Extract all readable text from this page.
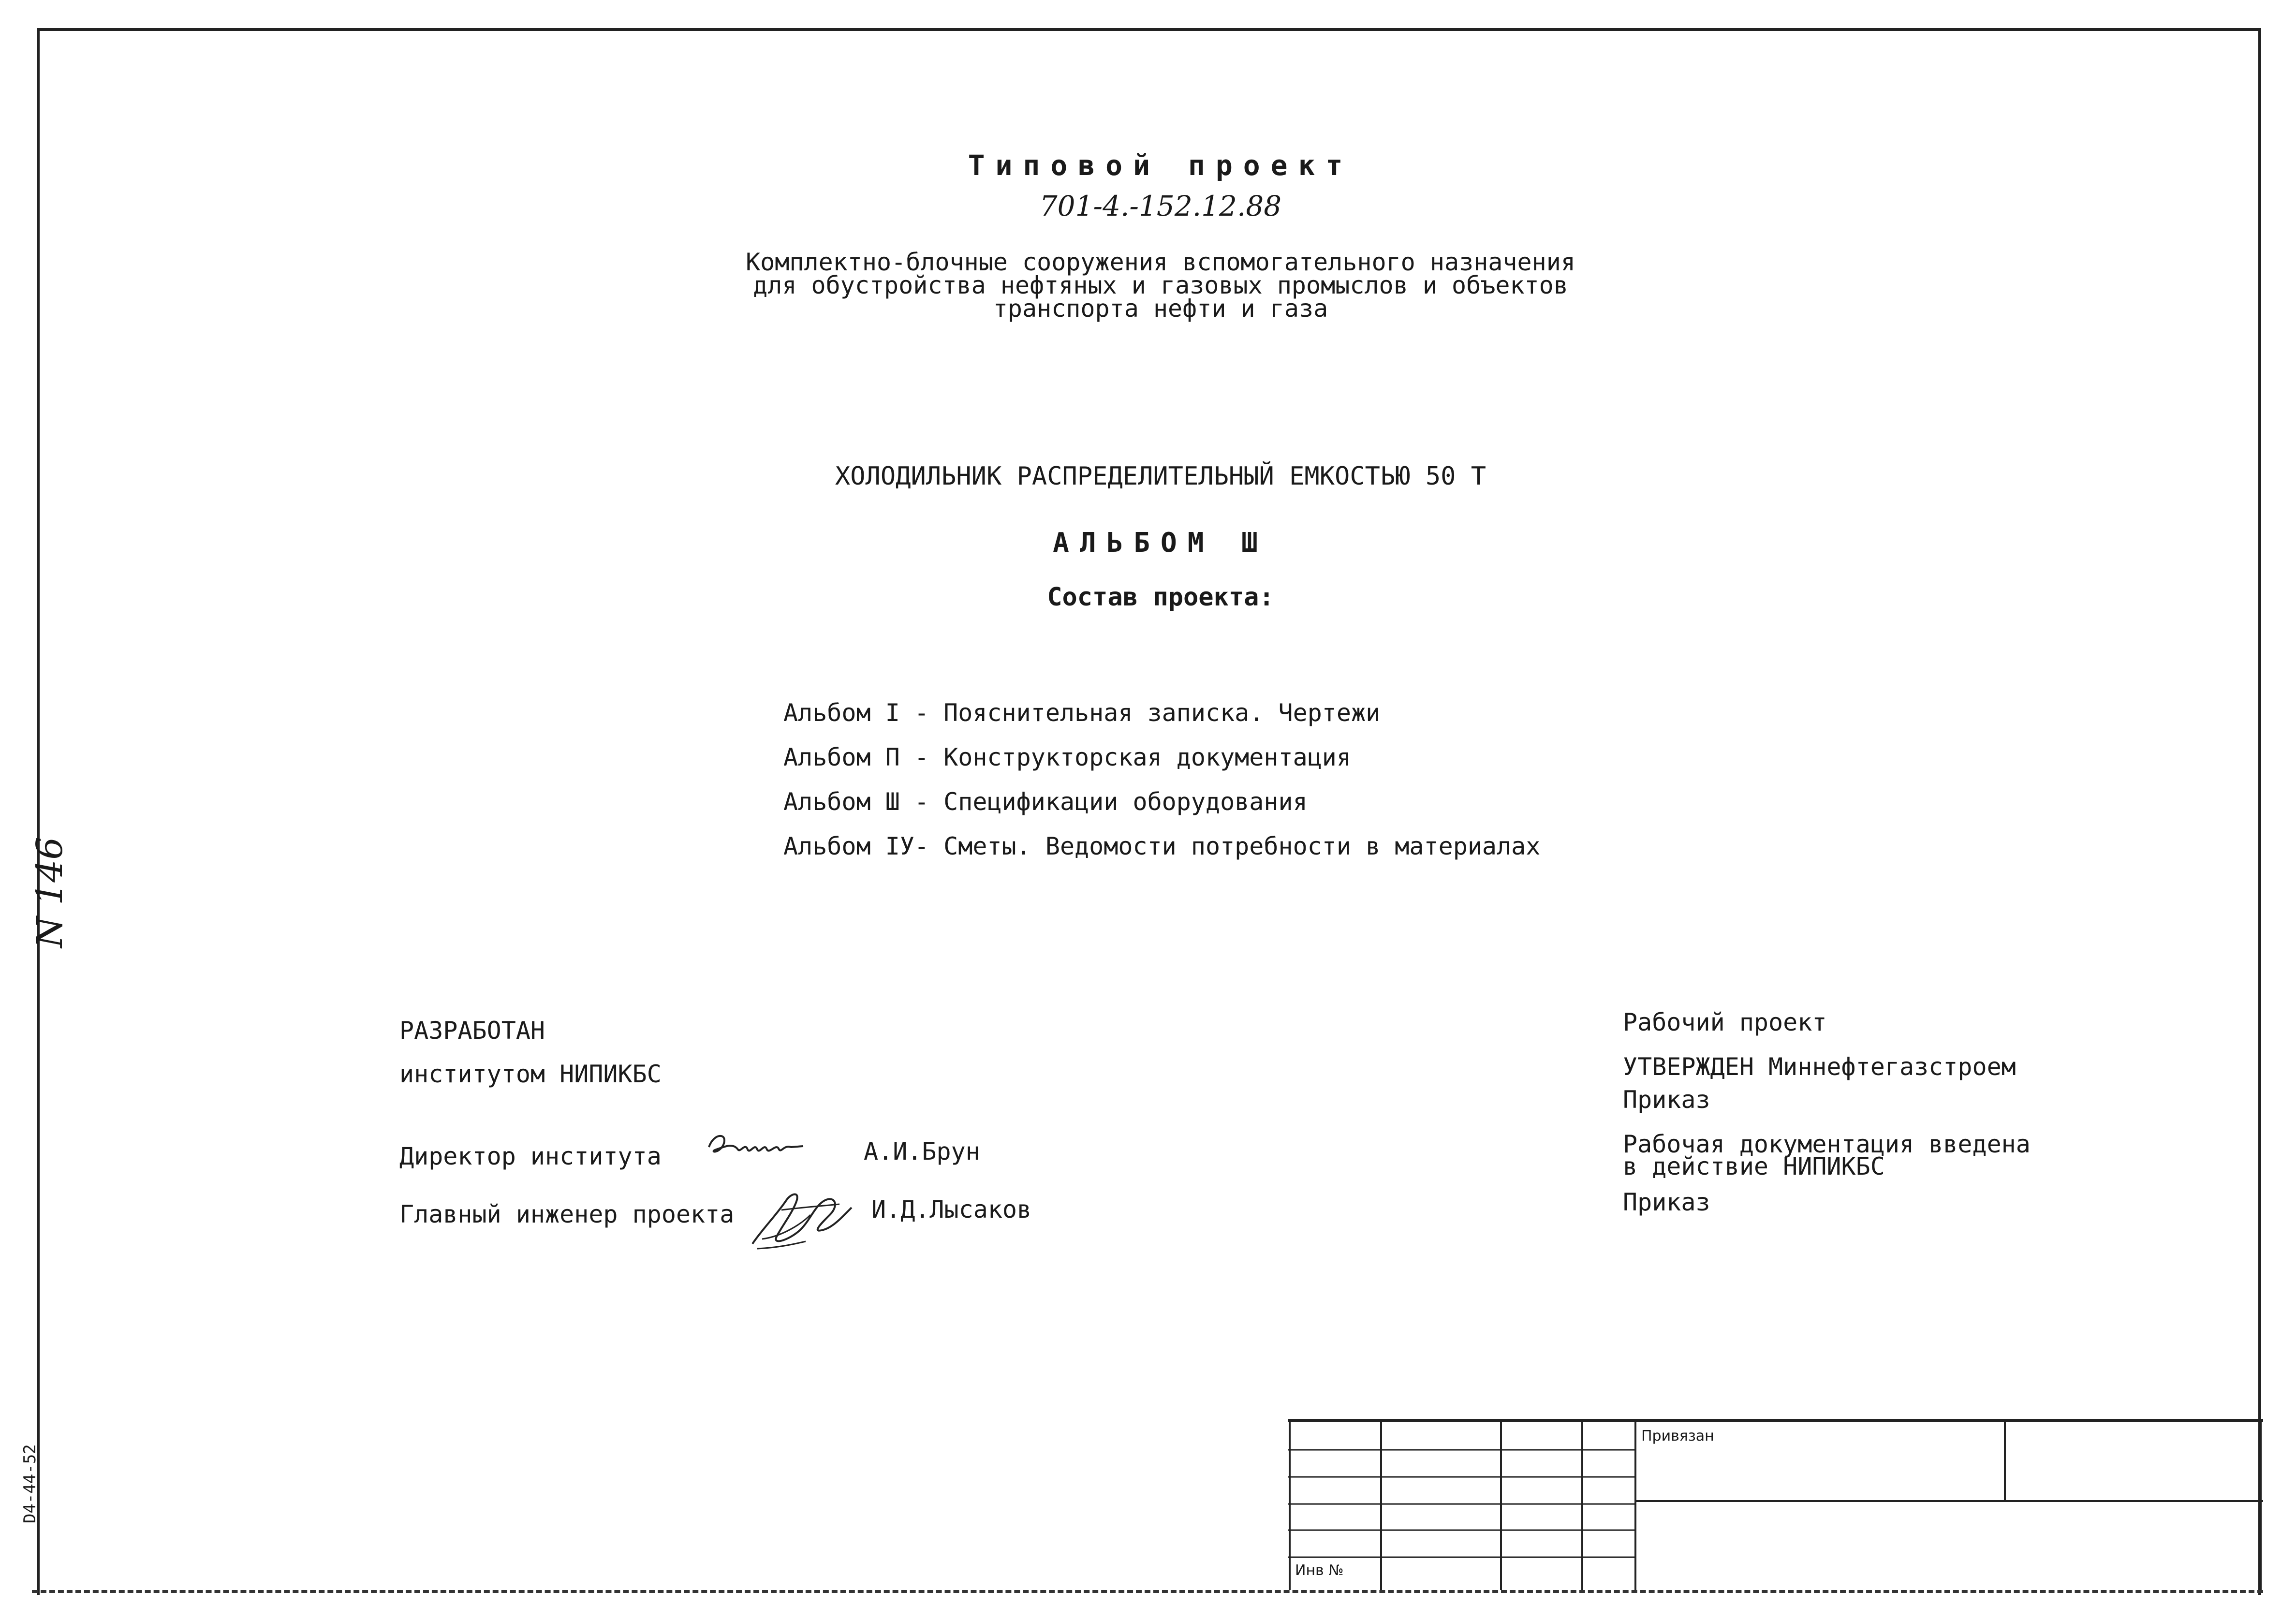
Типовой проект
701-4.-152.12.88
Комплектно-блочные сооружения вспомогательного назначения
для обустройства нефтяных и газовых промыслов и объектов
транспорта нефти и газа
ХОЛОДИЛЬНИК РАСПРЕДЕЛИТЕЛЬНЫЙ ЕМКОСТЬЮ 50 Т
АЛЬБОМ Ш
Состав проекта:
Альбом I - Пояснительная записка. Чертежи
Альбом П - Конструкторская документация
Альбом Ш - Спецификации оборудования
Альбом IУ- Сметы. Ведомости потребности в материалах
РАЗРАБОТАН
институтом НИПИКБС
Директор института	А.И.Брун
Главный инженер проекта	И.Д.Лысаков
Рабочий проект
УТВЕРЖДЕН Миннефтегазстроем
Приказ
Рабочая документация введена
в действие НИПИКБС
Приказ
N 146
D4-44-52
Привязан
Инв №
